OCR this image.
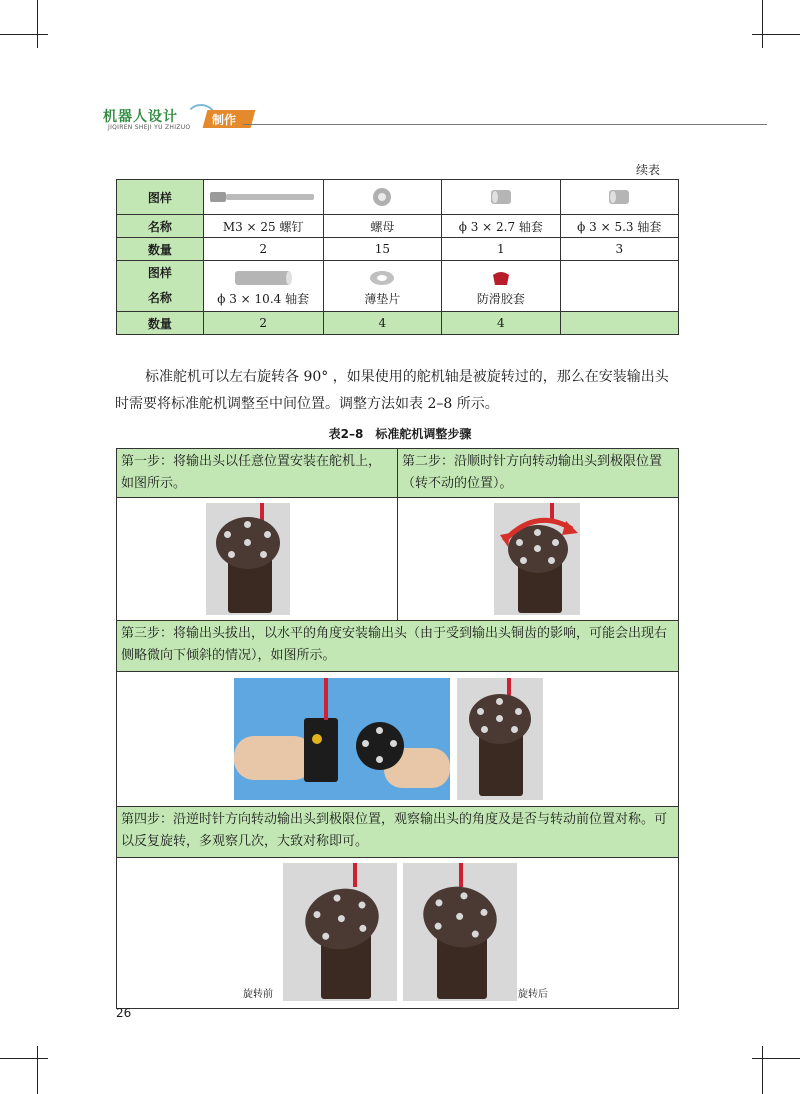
机器人设计
JIQIREN SHEJI YU ZHIZUO
制作
续表
图样				
名称	M3 × 25 螺钉	螺母	ϕ 3 × 2.7 轴套	ϕ 3 × 5.3 轴套
数量	2	15	1	3

图样
名称	ϕ 3 × 10.4 轴套	薄垫片	防滑胶套	

数量	2	4	4	
标准舵机可以左右旋转各 90° ，如果使用的舵机轴是被旋转过的，那么在安装输出头时需要将标准舵机调整至中间位置。调整方法如表 2–8 所示。
表2–8　标准舵机调整步骤
第一步：将输出头以任意位置安装在舵机上，如图所示。	第二步：沿顺时针方向转动输出头到极限位置（转不动的位置）。

第三步：将输出头拔出，以水平的角度安装输出头（由于受到输出头铜齿的影响，可能会出现右侧略微向下倾斜的情况），如图所示。	

第四步：沿逆时针方向转动输出头到极限位置，观察输出头的角度及是否与转动前位置对称。可以反复旋转，多观察几次，大致对称即可。	

旋转前 旋转后	
26
